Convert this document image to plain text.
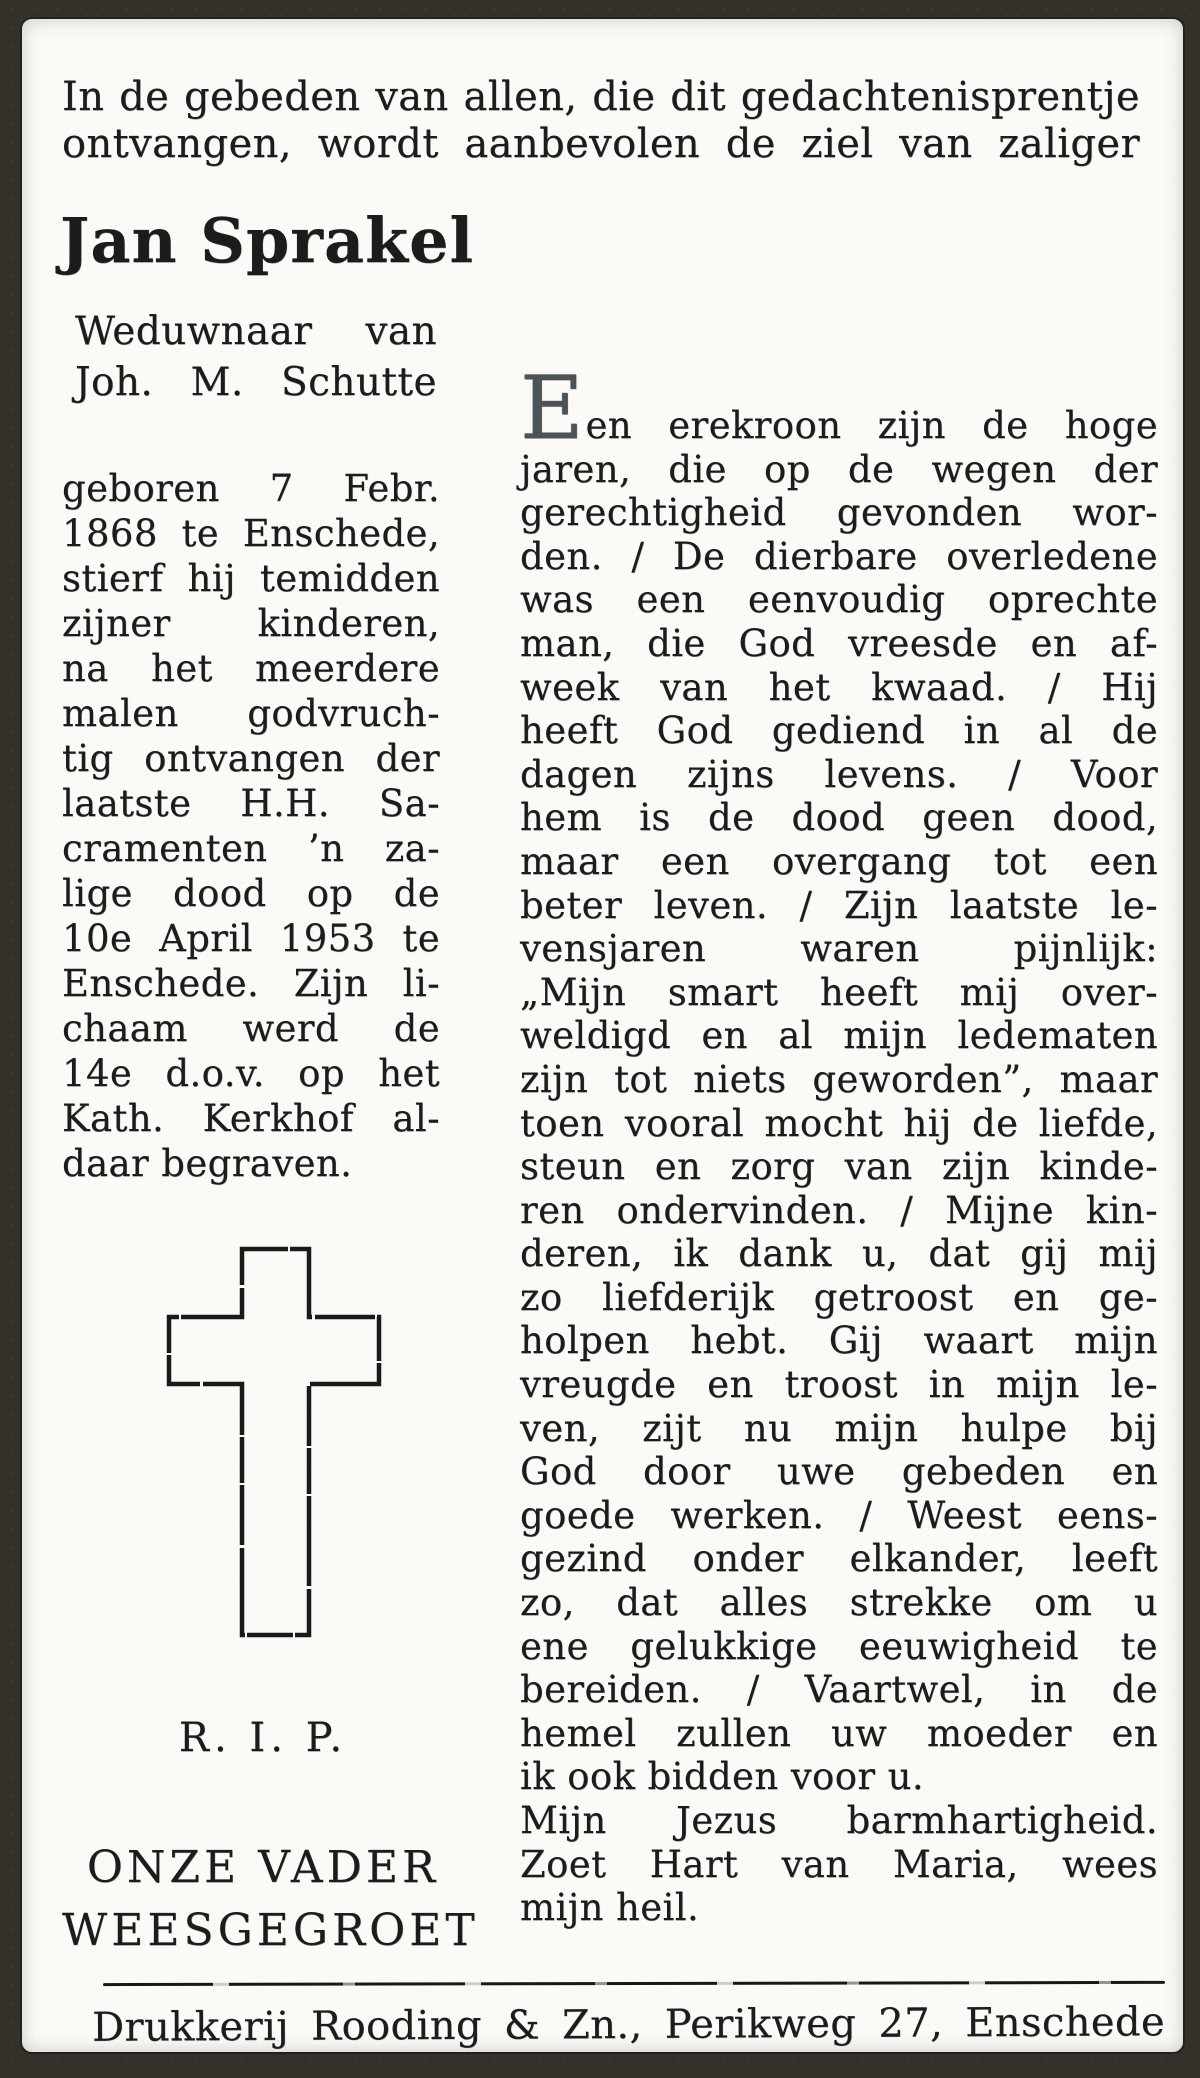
In de gebeden van allen, die dit gedachtenisprentje
ontvangen, wordt aanbevolen de ziel van zaliger
Jan Sprakel
Weduwnaar van
Joh. M. Schutte
geboren 7 Febr.
1868 te Enschede,
stierf hij temidden
zijner kinderen,
na het meerdere
malen godvruch-
tig ontvangen der
laatste H.H. Sa-
cramenten ’n za-
lige dood op de
10e April 1953 te
Enschede. Zijn li-
chaam werd de
14e d.o.v. op het
Kath. Kerkhof al-
daar begraven.
Een erekroon zijn de hoge
jaren, die op de wegen der
gerechtigheid gevonden wor-
den. / De dierbare overledene
was een eenvoudig oprechte
man, die God vreesde en af-
week van het kwaad. / Hij
heeft God gediend in al de
dagen zijns levens. / Voor
hem is de dood geen dood,
maar een overgang tot een
beter leven. / Zijn laatste le-
vensjaren waren pijnlijk:
„Mijn smart heeft mij over-
weldigd en al mijn ledematen
zijn tot niets geworden”, maar
toen vooral mocht hij de liefde,
steun en zorg van zijn kinde-
ren ondervinden. / Mijne kin-
deren, ik dank u, dat gij mij
zo liefderijk getroost en ge-
holpen hebt. Gij waart mijn
vreugde en troost in mijn le-
ven, zijt nu mijn hulpe bij
God door uwe gebeden en
goede werken. / Weest eens-
gezind onder elkander, leeft
zo, dat alles strekke om u
ene gelukkige eeuwigheid te
bereiden. / Vaartwel, in de
hemel zullen uw moeder en
ik ook bidden voor u.
Mijn Jezus barmhartigheid.
Zoet Hart van Maria, wees
mijn heil.
R. I. P.
ONZE VADER
WEESGEGROET
Drukkerij Rooding & Zn., Perikweg 27, Enschede
